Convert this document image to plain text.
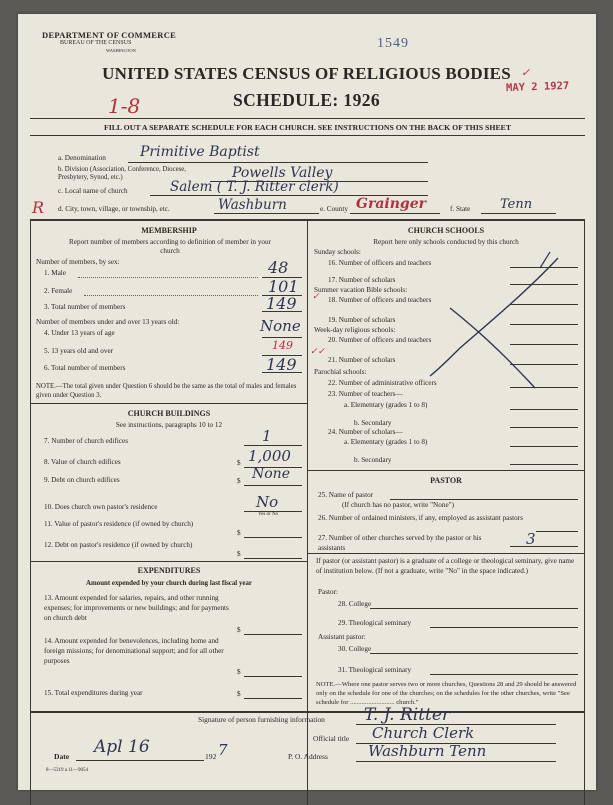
DEPARTMENT OF COMMERCE
BUREAU OF THE CENSUS
WASHINGTON	1549
UNITED STATES CENSUS OF RELIGIOUS BODIES
SCHEDULE: 1926
MAY 2 1927
1-8
✓
FILL OUT A SEPARATE SCHEDULE FOR EACH CHURCH. SEE INSTRUCTIONS ON THE BACK OF THIS SHEET
a. Denomination Primitive Baptist
b. Division (Association, Conference, Diocese, Presbytery, Synod, etc.)	Powells Valley
c. Local name of church	Salem ( T. J. Ritter clerk)
R d. City, town, village, or township, etc.	Washburn	e. County Grainger	f. State Tenn
MEMBERSHIP
Report number of members according to definition of member in your church
Number of members, by sex:
1. Male	48
2. Female	101
3. Total number of members	149
Number of members under and over 13 years old:
4. Under 13 years of age	None
5. 13 years old and over	149
6. Total number of members	149
NOTE.—The total given under Question 6 should be the same as the total of males and females given under Question 3.
CHURCH BUILDINGS
See instructions, paragraphs 10 to 12
7. Number of church edifices	1
8. Value of church edifices	$ 1,000
9. Debt on church edifices	$ None
10. Does church own pastor's residence	No
Yes or No
11. Value of pastor's residence (if owned by church)
$
12. Debt on pastor's residence (if owned by church)
$
EXPENDITURES
Amount expended by your church during last fiscal year
13. Amount expended for salaries, repairs, and other running expenses; for improvements or new buildings; and for payments on church debt
$
14. Amount expended for benevolences, including home and foreign missions; for denominational support; and for all other purposes
$
15. Total expenditures during year	$
CHURCH SCHOOLS
Report here only schools conducted by this church
Sunday schools:
16. Number of officers and teachers
17. Number of scholars
Summer vacation Bible schools:
✓ 18. Number of officers and teachers
19. Number of scholars
Week-day religious schools:
20. Number of officers and teachers
✓✓
21. Number of scholars
Parochial schools:
22. Number of administrative officers
23. Number of teachers—
a. Elementary (grades 1 to 8)
b. Secondary
24. Number of scholars—
a. Elementary (grades 1 to 8)
b. Secondary
PASTOR
25. Name of pastor
(If church has no pastor, write "None")
26. Number of ordained ministers, if any, employed as assistant pastors
27. Number of other churches served by the pastor or his assistants	3
If pastor (or assistant pastor) is a graduate of a college or theological seminary, give name of institution below. (If not a graduate, write "No" in the space indicated.)
Pastor:
28. College
29. Theological seminary
Assistant pastor:
30. College
31. Theological seminary
NOTE.—Where one pastor serves two or more churches, Questions 28 and 29 should be answered only on the schedule for one of the churches; on the schedules for the other churches, write "See schedule for ........................... church."
Signature of person furnishing information T. J. Ritter
Official title Church Clerk
Date Apl 16	192 7	P. O. Address	Washburn Tenn
8—5319 a 11—9054
